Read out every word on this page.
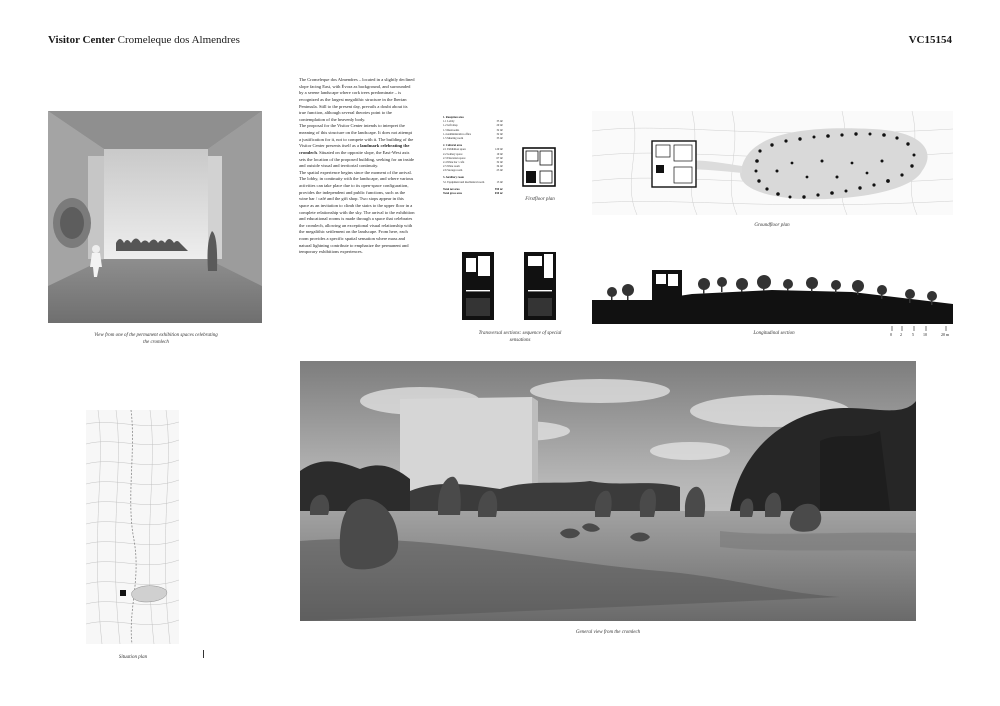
Visitor Center Cromeleque dos Almendres	VC15154
View from one of the permanent exhibition spaces celebrating the cromlech

The Cromeleque dos Almendres – located in a slightly declined slope facing East, with Évora as background, and surrounded by a serene landscape where cork trees predominate – is recognized as the largest megalithic structure in the Iberian Peninsula. Still to the present day, prevails a doubt about its true function, although several theories point to the contemplation of the heavenly body.

The proposal for the Visitor Center intends to interpret the meaning of this structure on the landscape. It does not attempt a justification for it, not to compete with it. The building of the Visitor Center presents itself as a landmark celebrating the cromlech. Situated on the opposite slope, the East-West axis sets the location of the proposed building, seeking for an inside and outside visual and territorial continuity.

The spatial experience begins since the moment of the arrival. The lobby, in continuity with the landscape, and where various activities can take place due to its open-space configuration, provides the independent and public functions, such as the wine bar / café and the gift shop. Two stops appear in this space as an invitation to climb the stairs to the upper floor in a complete relationship with the sky. The arrival to the exhibition and educational rooms is made through a space that celebrates the cromlech, allowing an exceptional visual relationship with the megalithic settlement on the landscape. From here, each room provides a specific spatial sensation where mass and natural lightning contribute to emphasize the permanent and temporary exhibitions experiences.

1. Reception area
1.1 Lobby	35 m²
1.2 Gift shop	20 m²
1.3 Restrooms	32 m²
1.4 Administrative office	32 m²
1.5 Meeting room	33 m²
2. Cultural area
2.1 Exhibition space	120 m²
2.2 Gallery space	19 m²
2.3 Education space	67 m²
2.4 Wine bar / café	32 m²
2.5 Wine room	34 m²
2.6 Storage room	23 m²
3. Auxiliary room
3.1 Equipment and mechanical room	13 m²
Total net area	590 m²
Total gross area	650 m²
Firstfloor plan
Groundfloor plan
Transversal sections: sequence of special sensations
Longitudinal section	0 2	5 10	20 m
Situation plan
General view from the cromlech
